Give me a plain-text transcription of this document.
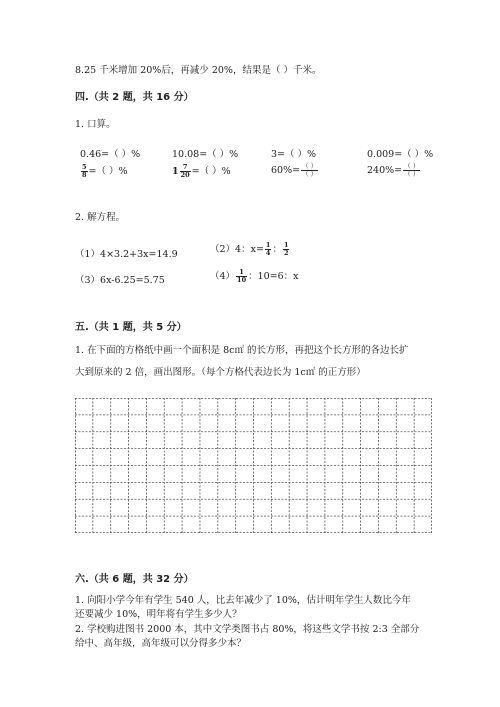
8.25 千米增加 20%后，再减少 20%，结果是（ ）千米。
四.（共 2 题，共 16 分）
1. 口算。
0.46=（ ）%	10.08=（ ）%	3=（ ）%	0.009=（ ）%
$\frac{5}{8}$ =（ ）%	$1 \frac{7}{20}$ =（ ）%	$60\%= \frac{( )}{( )}$	$240\%= \frac{( )}{( )}$
2. 解方程。
（1）4×3.2+3x=14.9	（2）4：$x= \frac{1}{4}$ ： $\frac{1}{2}$
（3）6x-6.25=5.75	$(4) \frac{1}{10}$ ：10=6：x
五.（共 1 题，共 5 分）
1. 在下面的方格纸中画一个面积是 8c㎡ 的长方形，再把这个长方形的各边长扩
大到原来的 2 倍，画出图形。（每个方格代表边长为 1c㎡ 的正方形）
六.（共 6 题，共 32 分）
1. 向阳小学今年有学生 540 人，比去年减少了 10%，估计明年学生人数比今年
还要减少 10%，明年将有学生多少人？
2. 学校购进图书 2000 本，其中文学类图书占 80%，将这些文学书按 2:3 全部分
给中、高年级，高年级可以分得多少本？
